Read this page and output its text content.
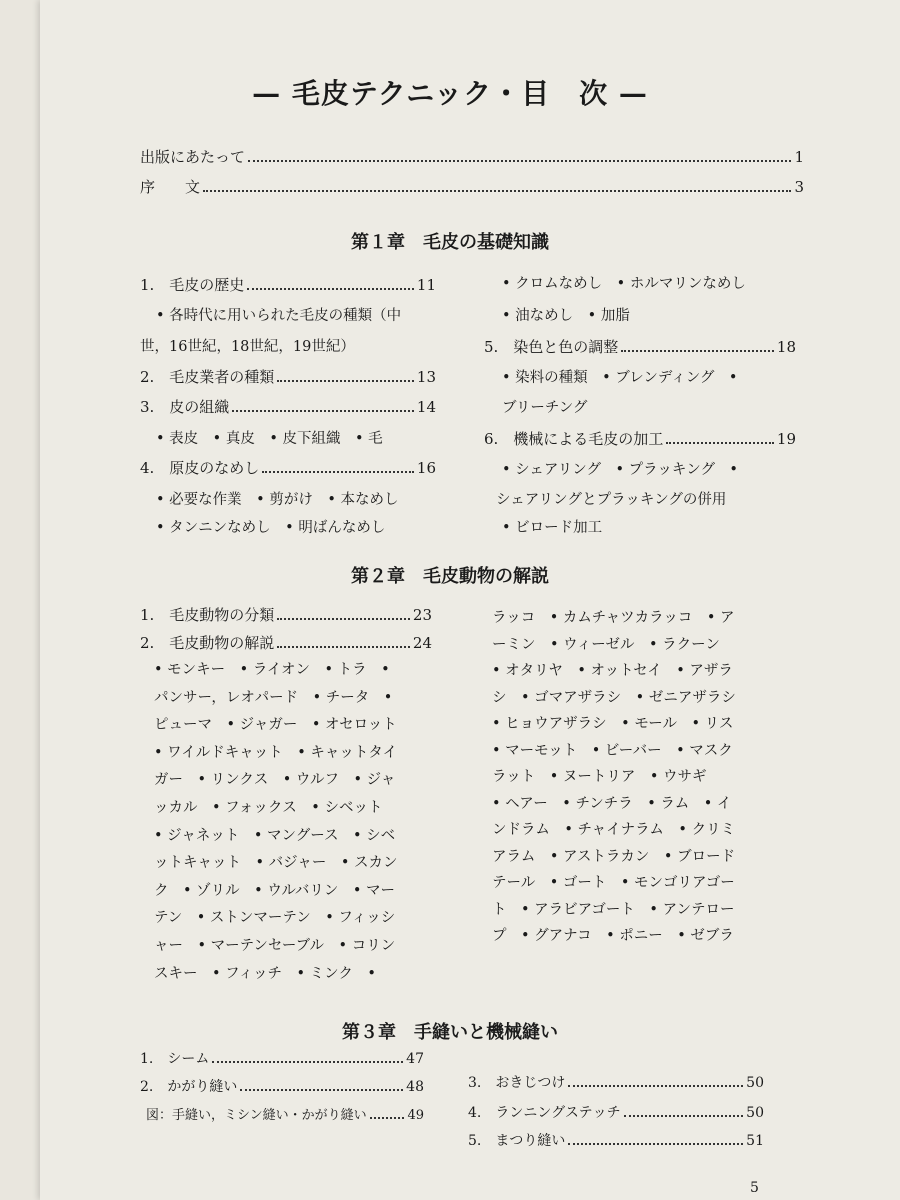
— 毛皮テクニック・目　次 —
出版にあたって	1
序　　文	3
第１章　毛皮の基礎知識
1.　毛皮の歴史	11
• 各時代に用いられた毛皮の種類（中
世，16世紀，18世紀，19世紀）
2.　毛皮業者の種類	13
3.　皮の組織	14
• 表皮　• 真皮　• 皮下組織　• 毛
4.　原皮のなめし	16
• 必要な作業　• 剪がけ　• 本なめし
• タンニンなめし　• 明ばんなめし
• クロムなめし　• ホルマリンなめし
• 油なめし　• 加脂
5.　染色と色の調整	18
• 染料の種類　• ブレンディング　•
ブリーチング
6.　機械による毛皮の加工	19
• シェアリング　• プラッキング　•
シェアリングとプラッキングの併用
• ビロード加工
第２章　毛皮動物の解説
1.　毛皮動物の分類	23
2.　毛皮動物の解説	24
• モンキー　• ライオン　• トラ　•
パンサー，レオパード　• チータ　•
ピューマ　• ジャガー　• オセロット
• ワイルドキャット　• キャットタイ
ガー　• リンクス　• ウルフ　• ジャ
ッカル　• フォックス　• シベット
• ジャネット　• マングース　• シベ
ットキャット　• バジャー　• スカン
ク　• ゾリル　• ウルバリン　• マー
テン　• ストンマーテン　• フィッシ
ャー　• マーテンセーブル　• コリン
スキー　• フィッチ　• ミンク　•
ラッコ　• カムチャツカラッコ　• ア
ーミン　• ウィーゼル　• ラクーン
• オタリヤ　• オットセイ　• アザラ
シ　• ゴマアザラシ　• ゼニアザラシ
• ヒョウアザラシ　• モール　• リス
• マーモット　• ビーバー　• マスク
ラット　• ヌートリア　• ウサギ
• ヘアー　• チンチラ　• ラム　• イ
ンドラム　• チャイナラム　• クリミ
アラム　• アストラカン　• ブロード
テール　• ゴート　• モンゴリアゴー
ト　• アラビアゴート　• アンテロー
プ　• グアナコ　• ポニー　• ゼブラ
第３章　手縫いと機械縫い
1.　シーム	47
2.　かがり縫い	48
図：手縫い，ミシン縫い・かがり縫い	49
3.　おきじつけ	50
4.　ランニングステッチ	50
5.　まつり縫い	51
5
